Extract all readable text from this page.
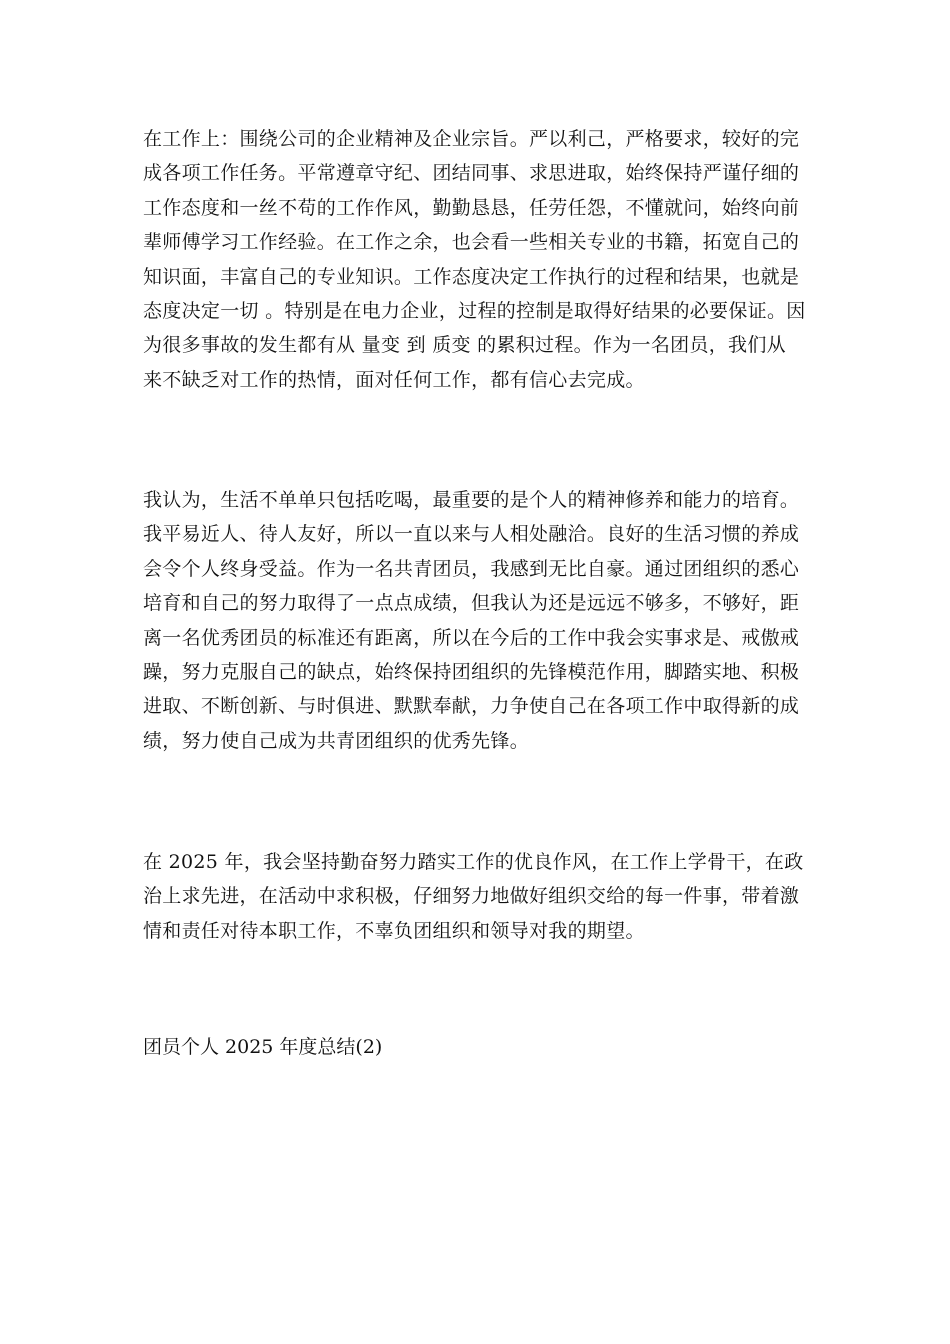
在工作上：围绕公司的企业精神及企业宗旨。严以利己，严格要求，较好的完
成各项工作任务。平常遵章守纪、团结同事、求思进取，始终保持严谨仔细的
工作态度和一丝不苟的工作作风，勤勤恳恳，任劳任怨，不懂就问，始终向前
辈师傅学习工作经验。在工作之余，也会看一些相关专业的书籍，拓宽自己的
知识面，丰富自己的专业知识。工作态度决定工作执行的过程和结果，也就是
态度决定一切 。特别是在电力企业，过程的控制是取得好结果的必要保证。因
为很多事故的发生都有从 量变 到 质变 的累积过程。作为一名团员，我们从
来不缺乏对工作的热情，面对任何工作，都有信心去完成。
我认为，生活不单单只包括吃喝，最重要的是个人的精神修养和能力的培育。
我平易近人、待人友好，所以一直以来与人相处融洽。良好的生活习惯的养成
会令个人终身受益。作为一名共青团员，我感到无比自豪。通过团组织的悉心
培育和自己的努力取得了一点点成绩，但我认为还是远远不够多，不够好，距
离一名优秀团员的标准还有距离，所以在今后的工作中我会实事求是、戒傲戒
躁，努力克服自己的缺点，始终保持团组织的先锋模范作用，脚踏实地、积极
进取、不断创新、与时俱进、默默奉献，力争使自己在各项工作中取得新的成
绩，努力使自己成为共青团组织的优秀先锋。
在 2025 年，我会坚持勤奋努力踏实工作的优良作风，在工作上学骨干，在政
治上求先进，在活动中求积极，仔细努力地做好组织交给的每一件事，带着激
情和责任对待本职工作，不辜负团组织和领导对我的期望。

团员个人 2025 年度总结(2)
